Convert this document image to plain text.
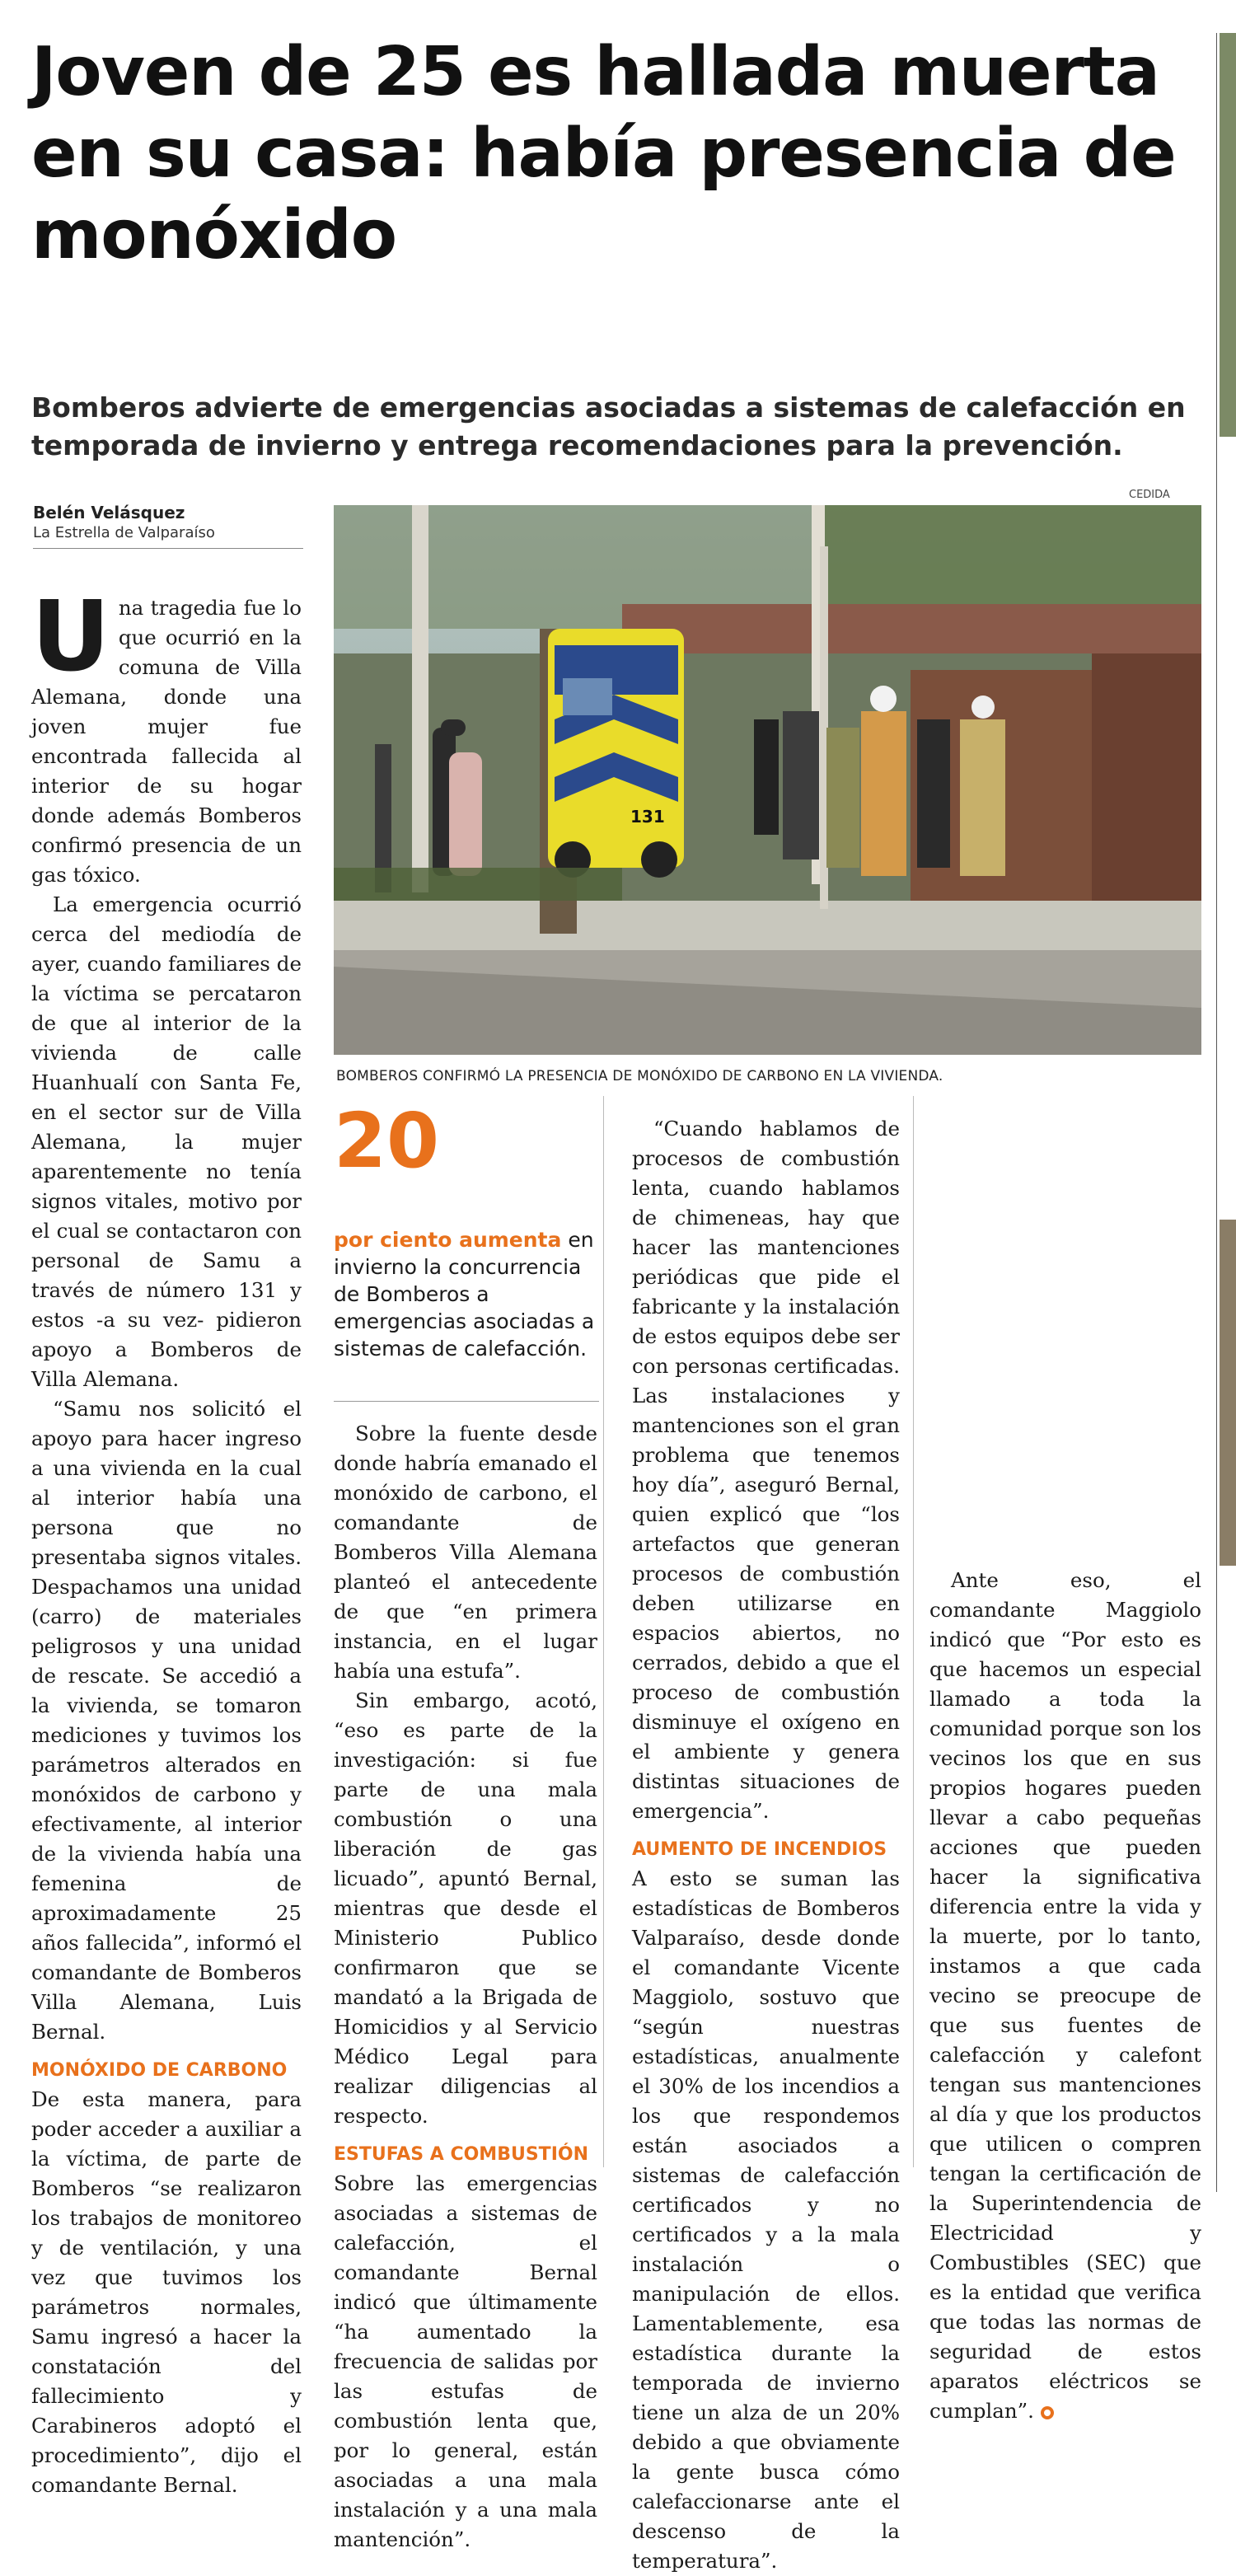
Joven de 25 es hallada muerta en su casa: había presencia de monóxido

Bomberos advierte de emergencias asociadas a sistemas de calefacción en temporada de invierno y entrega recomendaciones para la prevención.

Belén Velásquez
La Estrella de Valparaíso
CEDIDA
131
BOMBEROS CONFIRMÓ LA PRESENCIA DE MONÓXIDO DE CARBONO EN LA VIVIENDA.

Una tragedia fue lo que ocurrió en la comuna de Villa Alemana, donde una joven mujer fue encontrada fallecida al interior de su hogar donde además Bomberos confirmó presencia de un gas tóxico.

La emergencia ocurrió cerca del mediodía de ayer, cuando familiares de la víctima se percataron de que al interior de la vivienda de calle Huanhualí con Santa Fe, en el sector sur de Villa Alemana, la mujer aparentemente no tenía signos vitales, motivo por el cual se contactaron con personal de Samu a través de número 131 y estos -a su vez- pidieron apoyo a Bomberos de Villa Alemana.

“Samu nos solicitó el apoyo para hacer ingreso a una vivienda en la cual al interior había una persona que no presentaba signos vitales. Despachamos una unidad (carro) de materiales peligrosos y una unidad de rescate. Se accedió a la vivienda, se tomaron mediciones y tuvimos los parámetros alterados en monóxidos de carbono y efectivamente, al interior de la vivienda había una femenina de aproximadamente 25 años fallecida”, informó el comandante de Bomberos Villa Alemana, Luis Bernal.

MONÓXIDO DE CARBONO

De esta manera, para poder acceder a auxiliar a la víctima, de parte de Bomberos “se realizaron los trabajos de monitoreo y de ventilación, y una vez que tuvimos los parámetros normales, Samu ingresó a hacer la constatación del fallecimiento y Carabineros adoptó el procedimiento”, dijo el comandante Bernal.

20
por ciento aumenta en invierno la concurrencia de Bomberos a emergencias asociadas a sistemas de calefacción.

Sobre la fuente desde donde habría emanado el monóxido de carbono, el comandante de Bomberos Villa Alemana planteó el antecedente de que “en primera instancia, en el lugar había una estufa”.

Sin embargo, acotó, “eso es parte de la investigación: si fue parte de una mala combustión o una liberación de gas licuado”, apuntó Bernal, mientras que desde el Ministerio Publico confirmaron que se mandató a la Brigada de Homicidios y al Servicio Médico Legal para realizar diligencias al respecto.

ESTUFAS A COMBUSTIÓN

Sobre las emergencias asociadas a sistemas de calefacción, el comandante Bernal indicó que últimamente “ha aumentado la frecuencia de salidas por las estufas de combustión lenta que, por lo general, están asociadas a una mala instalación y a una mala mantención”.

“Cuando hablamos de procesos de combustión lenta, cuando hablamos de chimeneas, hay que hacer las mantenciones periódicas que pide el fabricante y la instalación de estos equipos debe ser con personas certificadas. Las instalaciones y mantenciones son el gran problema que tenemos hoy día”, aseguró Bernal, quien explicó que “los artefactos que generan procesos de combustión deben utilizarse en espacios abiertos, no cerrados, debido a que el proceso de combustión disminuye el oxígeno en el ambiente y genera distintas situaciones de emergencia”.

AUMENTO DE INCENDIOS

A esto se suman las estadísticas de Bomberos Valparaíso, desde donde el comandante Vicente Maggiolo, sostuvo que “según nuestras estadísticas, anualmente el 30% de los incendios a los que respondemos están asociados a sistemas de calefacción certificados y no certificados y a la mala instalación o manipulación de ellos. Lamentablemente, esa estadística durante la temporada de invierno tiene un alza de un 20% debido a que obviamente la gente busca cómo calefaccionarse ante el descenso de la temperatura”.

Ante eso, el comandante Maggiolo indicó que “Por esto es que hacemos un especial llamado a toda la comunidad porque son los vecinos los que en sus propios hogares pueden llevar a cabo pequeñas acciones que pueden hacer la significativa diferencia entre la vida y la muerte, por lo tanto, instamos a que cada vecino se preocupe de que sus fuentes de calefacción y calefont tengan sus mantenciones al día y que los productos que utilicen o compren tengan la certificación de la Superintendencia de Electricidad y Combustibles (SEC) que es la entidad que verifica que todas las normas de seguridad de estos aparatos eléctricos se cumplan”.
